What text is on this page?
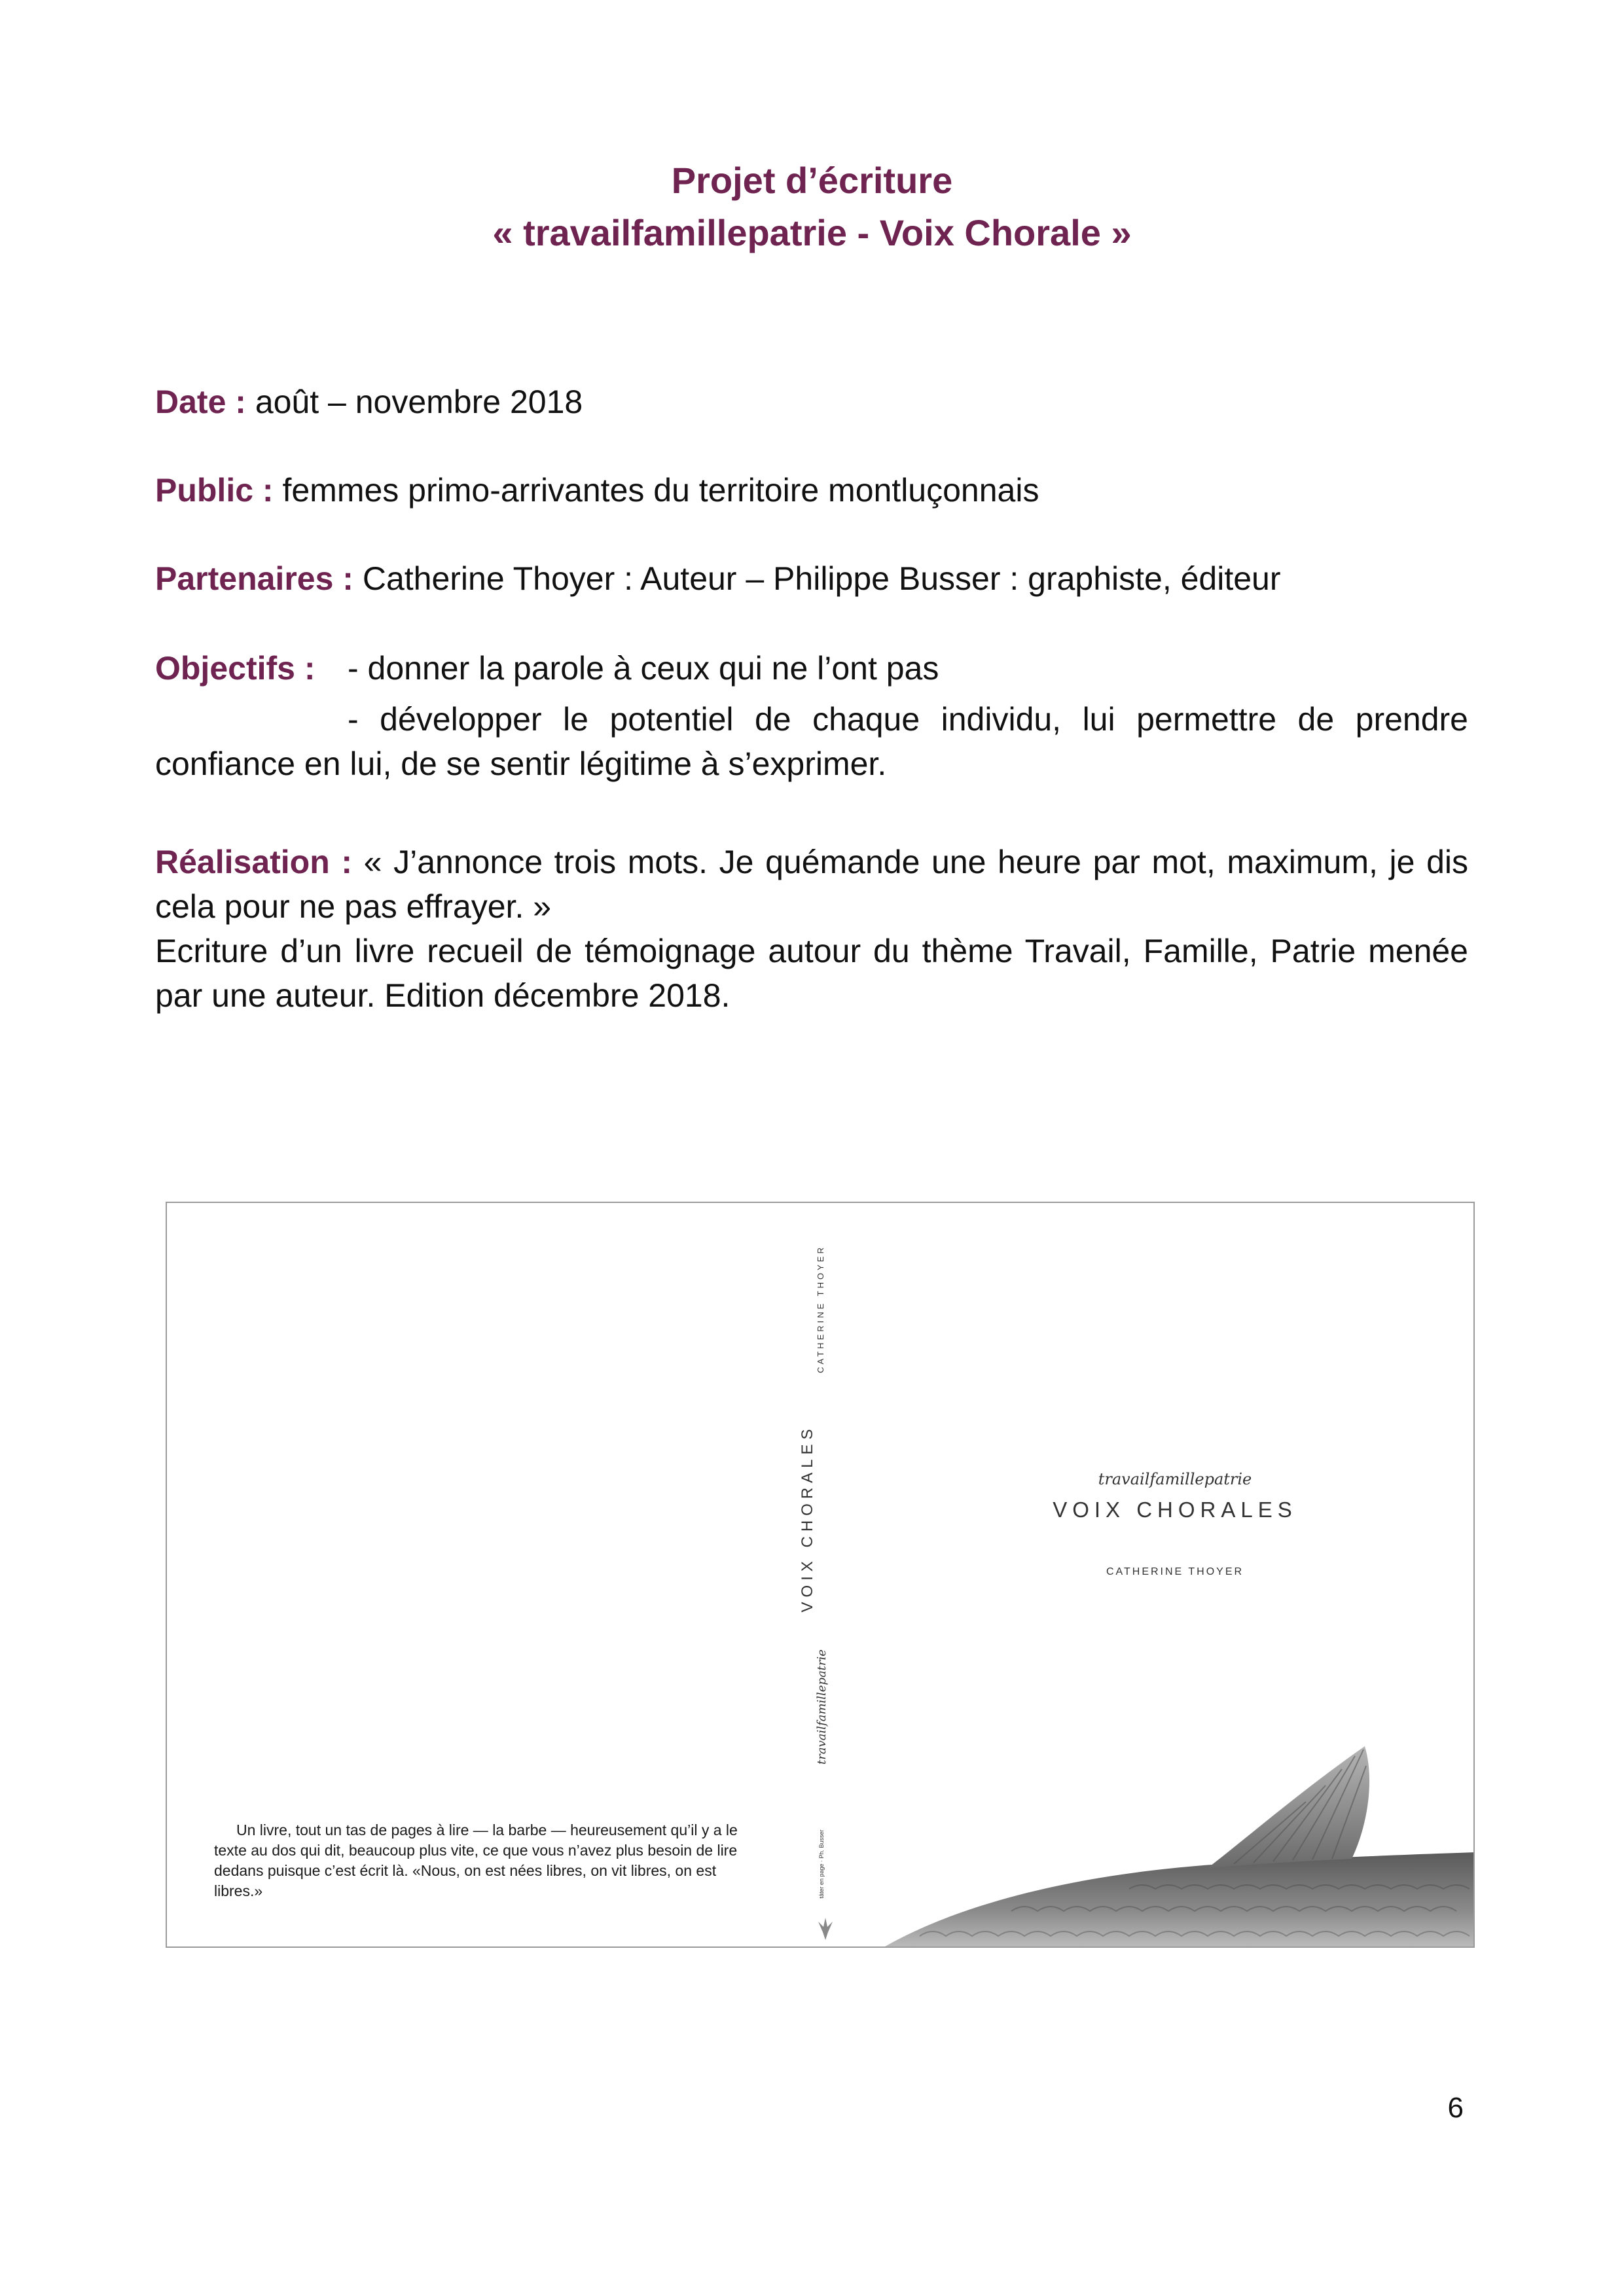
Projet d’écriture
« travailfamillepatrie - Voix Chorale »
Date : août – novembre 2018
Public : femmes primo-arrivantes du territoire montluçonnais
Partenaires : Catherine Thoyer : Auteur – Philippe Busser : graphiste, éditeur
Objectifs : - donner la parole à ceux qui ne l’ont pas
- développer le potentiel de chaque individu, lui permettre de prendre
confiance en lui, de se sentir légitime à s’exprimer.
Réalisation : « J’annonce trois mots. Je quémande une heure par mot, maximum, je dis cela pour ne pas effrayer. »
Ecriture d’un livre recueil de témoignage autour du thème Travail, Famille, Patrie menée par une auteur. Edition décembre 2018.
Un livre, tout un tas de pages à lire — la barbe — heureusement qu’il y a le texte au dos qui dit, beaucoup plus vite, ce que vous n’avez plus besoin de lire dedans puisque c’est écrit là. «Nous, on est nées libres, on vit libres, on est libres.»
CATHERINE THOYER
VOIX CHORALES
travailfamillepatrie
tâter en page · Ph. Busser
travailfamillepatrie
VOIX CHORALES
CATHERINE THOYER
6
